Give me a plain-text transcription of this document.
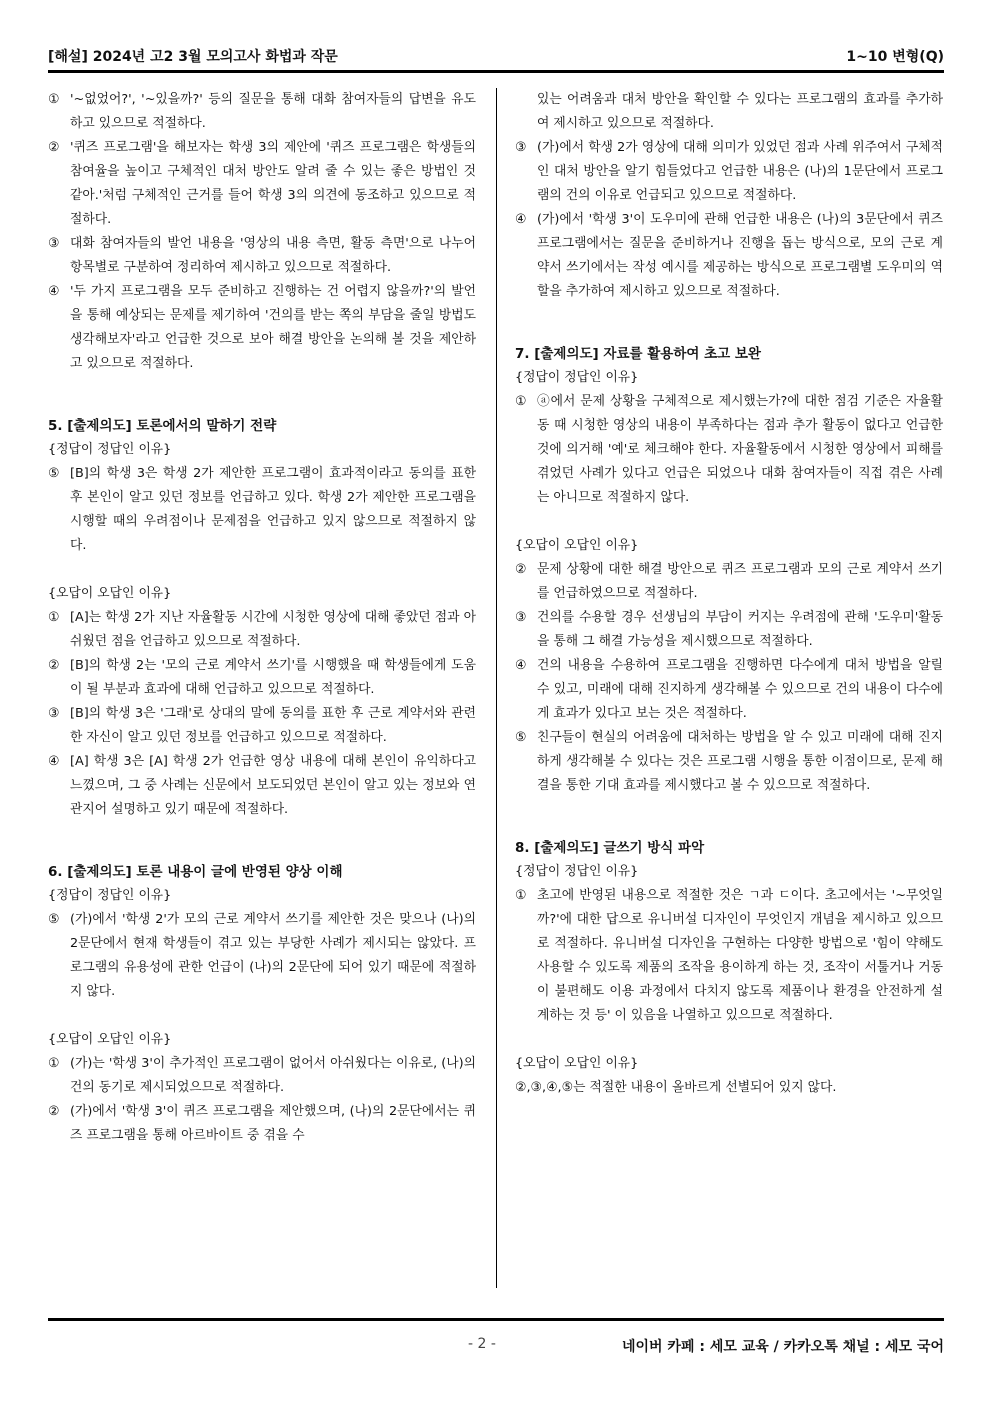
[해설] 2024년 고2 3월 모의고사 화법과 작문	1~10 변형(Q)
① '~없었어?', '~있을까?' 등의 질문을 통해 대화 참여자들의 답변을 유도하고 있으므로 적절하다.
② '퀴즈 프로그램'을 해보자는 학생 3의 제안에 '퀴즈 프로그램은 학생들의 참여율을 높이고 구체적인 대처 방안도 알려 줄 수 있는 좋은 방법인 것 같아.'처럼 구체적인 근거를 들어 학생 3의 의견에 동조하고 있으므로 적절하다.
③ 대화 참여자들의 발언 내용을 '영상의 내용 측면, 활동 측면'으로 나누어 항목별로 구분하여 정리하여 제시하고 있으므로 적절하다.
④ '두 가지 프로그램을 모두 준비하고 진행하는 건 어렵지 않을까?'의 발언을 통해 예상되는 문제를 제기하여 '건의를 받는 쪽의 부담을 줄일 방법도 생각해보자'라고 언급한 것으로 보아 해결 방안을 논의해 볼 것을 제안하고 있으므로 적절하다.
5. [출제의도] 토론에서의 말하기 전략
{정답이 정답인 이유}
⑤ [B]의 학생 3은 학생 2가 제안한 프로그램이 효과적이라고 동의를 표한 후 본인이 알고 있던 정보를 언급하고 있다. 학생 2가 제안한 프로그램을 시행할 때의 우려점이나 문제점을 언급하고 있지 않으므로 적절하지 않다.
{오답이 오답인 이유}
① [A]는 학생 2가 지난 자율활동 시간에 시청한 영상에 대해 좋았던 점과 아쉬웠던 점을 언급하고 있으므로 적절하다.
② [B]의 학생 2는 '모의 근로 계약서 쓰기'를 시행했을 때 학생들에게 도움이 될 부분과 효과에 대해 언급하고 있으므로 적절하다.
③ [B]의 학생 3은 '그래'로 상대의 말에 동의를 표한 후 근로 계약서와 관련한 자신이 알고 있던 정보를 언급하고 있으므로 적절하다.
④ [A] 학생 3은 [A] 학생 2가 언급한 영상 내용에 대해 본인이 유익하다고 느꼈으며, 그 중 사례는 신문에서 보도되었던 본인이 알고 있는 정보와 연관지어 설명하고 있기 때문에 적절하다.
6. [출제의도] 토론 내용이 글에 반영된 양상 이해
{정답이 정답인 이유}
⑤ (가)에서 '학생 2'가 모의 근로 계약서 쓰기를 제안한 것은 맞으나 (나)의 2문단에서 현재 학생들이 겪고 있는 부당한 사례가 제시되는 않았다. 프로그램의 유용성에 관한 언급이 (나)의 2문단에 되어 있기 때문에 적절하지 않다.
{오답이 오답인 이유}
① (가)는 '학생 3'이 추가적인 프로그램이 없어서 아쉬웠다는 이유로, (나)의 건의 동기로 제시되었으므로 적절하다.
② (가)에서 '학생 3'이 퀴즈 프로그램을 제안했으며, (나)의 2문단에서는 퀴즈 프로그램을 통해 아르바이트 중 겪을 수
있는 어려움과 대처 방안을 확인할 수 있다는 프로그램의 효과를 추가하여 제시하고 있으므로 적절하다.
③ (가)에서 학생 2가 영상에 대해 의미가 있었던 점과 사례 위주여서 구체적인 대처 방안을 알기 힘들었다고 언급한 내용은 (나)의 1문단에서 프로그램의 건의 이유로 언급되고 있으므로 적절하다.
④ (가)에서 '학생 3'이 도우미에 관해 언급한 내용은 (나)의 3문단에서 퀴즈 프로그램에서는 질문을 준비하거나 진행을 돕는 방식으로, 모의 근로 계약서 쓰기에서는 작성 예시를 제공하는 방식으로 프로그램별 도우미의 역할을 추가하여 제시하고 있으므로 적절하다.
7. [출제의도] 자료를 활용하여 초고 보완
{정답이 정답인 이유}
① ⓐ에서 문제 상황을 구체적으로 제시했는가?에 대한 점검 기준은 자율활동 때 시청한 영상의 내용이 부족하다는 점과 추가 활동이 없다고 언급한 것에 의거해 '예'로 체크해야 한다. 자율활동에서 시청한 영상에서 피해를 겪었던 사례가 있다고 언급은 되었으나 대화 참여자들이 직접 겪은 사례는 아니므로 적절하지 않다.
{오답이 오답인 이유}
② 문제 상황에 대한 해결 방안으로 퀴즈 프로그램과 모의 근로 계약서 쓰기를 언급하였으므로 적절하다.
③ 건의를 수용할 경우 선생님의 부담이 커지는 우려점에 관해 '도우미'활동을 통해 그 해결 가능성을 제시했으므로 적절하다.
④ 건의 내용을 수용하여 프로그램을 진행하면 다수에게 대처 방법을 알릴 수 있고, 미래에 대해 진지하게 생각해볼 수 있으므로 건의 내용이 다수에게 효과가 있다고 보는 것은 적절하다.
⑤ 친구들이 현실의 어려움에 대처하는 방법을 알 수 있고 미래에 대해 진지하게 생각해볼 수 있다는 것은 프로그램 시행을 통한 이점이므로, 문제 해결을 통한 기대 효과를 제시했다고 볼 수 있으므로 적절하다.
8. [출제의도] 글쓰기 방식 파악
{정답이 정답인 이유}
① 초고에 반영된 내용으로 적절한 것은 ㄱ과 ㄷ이다. 초고에서는 '~무엇일까?'에 대한 답으로 유니버설 디자인이 무엇인지 개념을 제시하고 있으므로 적절하다. 유니버설 디자인을 구현하는 다양한 방법으로 '힘이 약해도 사용할 수 있도록 제품의 조작을 용이하게 하는 것, 조작이 서툴거나 거동이 불편해도 이용 과정에서 다치지 않도록 제품이나 환경을 안전하게 설계하는 것 등' 이 있음을 나열하고 있으므로 적절하다.
{오답이 오답인 이유}
②,③,④,⑤는 적절한 내용이 올바르게 선별되어 있지 않다.
- 2 -	네이버 카페 : 세모 교육 / 카카오톡 채널 : 세모 국어
